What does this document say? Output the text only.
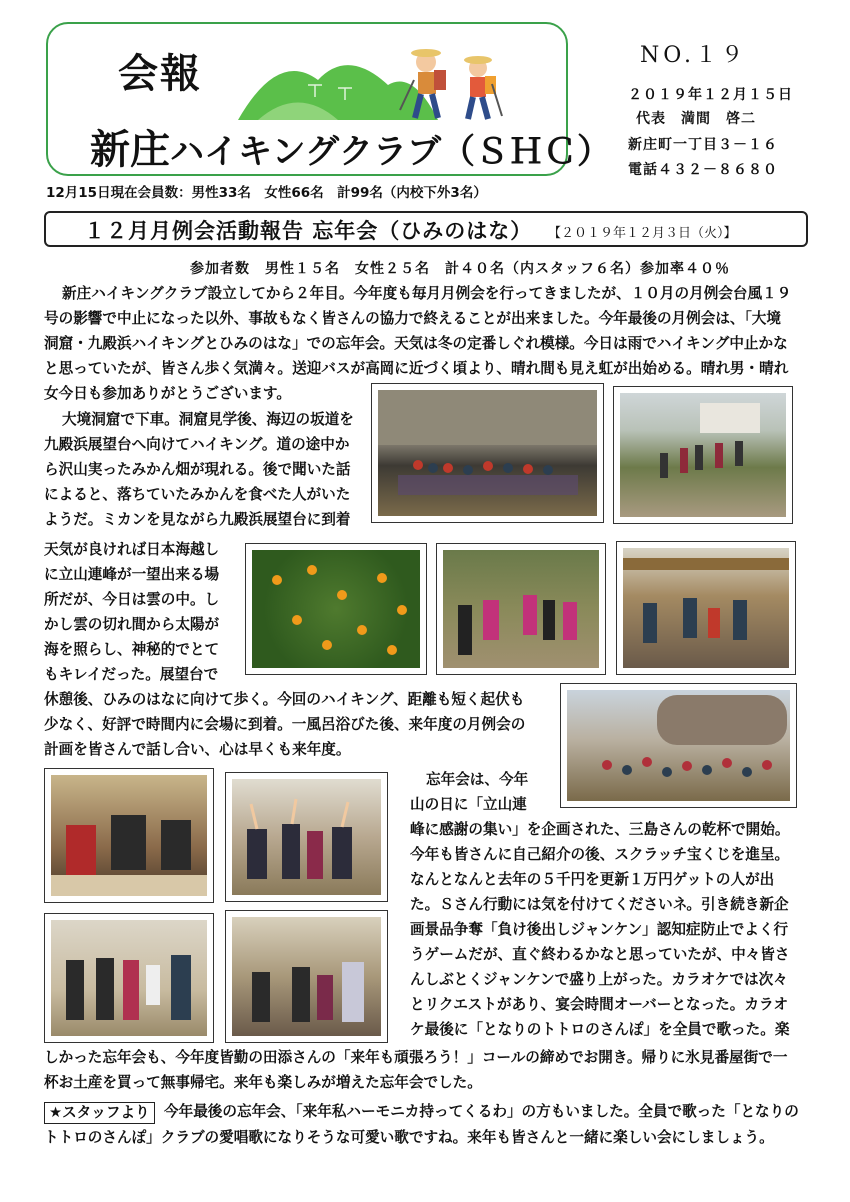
会報
新庄ハイキングクラブ（ＳＨＣ）
NO.１９
２０１９年１２月１５日
代表　満間　啓二
新庄町一丁目３－１６
電話４３２－８６８０
12月15日現在会員数：男性33名　女性66名　計99名（内校下外3名）
１２月月例会活動報告 忘年会（ひみのはな） 【２０１９年１２月３日（火）】
参加者数　男性１５名　女性２５名　計４０名（内スタッフ６名）参加率４０％
新庄ハイキングクラブ設立してから２年目。今年度も毎月月例会を行ってきましたが、１０月の月例会台風１９
号の影響で中止になった以外、事故もなく皆さんの協力で終えることが出来ました。今年最後の月例会は、「大境
洞窟・九殿浜ハイキングとひみのはな」での忘年会。天気は冬の定番しぐれ模様。今日は雨でハイキング中止かな
と思っていたが、皆さん歩く気満々。送迎バスが高岡に近づく頃より、晴れ間も見え虹が出始める。晴れ男・晴れ
女今日も参加ありがとうございます。
大境洞窟で下車。洞窟見学後、海辺の坂道を
九殿浜展望台へ向けてハイキング。道の途中か
ら沢山実ったみかん畑が現れる。後で聞いた話
によると、落ちていたみかんを食べた人がいた
ようだ。ミカンを見ながら九殿浜展望台に到着
天気が良ければ日本海越し
に立山連峰が一望出来る場
所だが、今日は雲の中。し
かし雲の切れ間から太陽が
海を照らし、神秘的でとて
もキレイだった。展望台で
休憩後、ひみのはなに向けて歩く。今回のハイキング、距離も短く起伏も
少なく、好評で時間内に会場に到着。一風呂浴びた後、来年度の月例会の
計画を皆さんで話し合い、心は早くも来年度。
忘年会は、今年
山の日に「立山連
峰に感謝の集い」を企画された、三島さんの乾杯で開始。
今年も皆さんに自己紹介の後、スクラッチ宝くじを進呈。
なんとなんと去年の５千円を更新１万円ゲットの人が出
た。Ｓさん行動には気を付けてくださいネ。引き続き新企
画景品争奪「負け後出しジャンケン」認知症防止でよく行
うゲームだが、直ぐ終わるかなと思っていたが、中々皆さ
んしぶとくジャンケンで盛り上がった。カラオケでは次々
とリクエストがあり、宴会時間オーバーとなった。カラオ
ケ最後に「となりのトトロのさんぽ」を全員で歌った。楽
しかった忘年会も、今年度皆勤の田添さんの「来年も頑張ろう！」コールの締めでお開き。帰りに氷見番屋街で一
杯お土産を買って無事帰宅。来年も楽しみが増えた忘年会でした。
★スタッフより 今年最後の忘年会、「来年私ハーモニカ持ってくるわ」の方もいました。全員で歌った「となりの
トトロのさんぽ」クラブの愛唱歌になりそうな可愛い歌ですね。来年も皆さんと一緒に楽しい会にしましょう。
